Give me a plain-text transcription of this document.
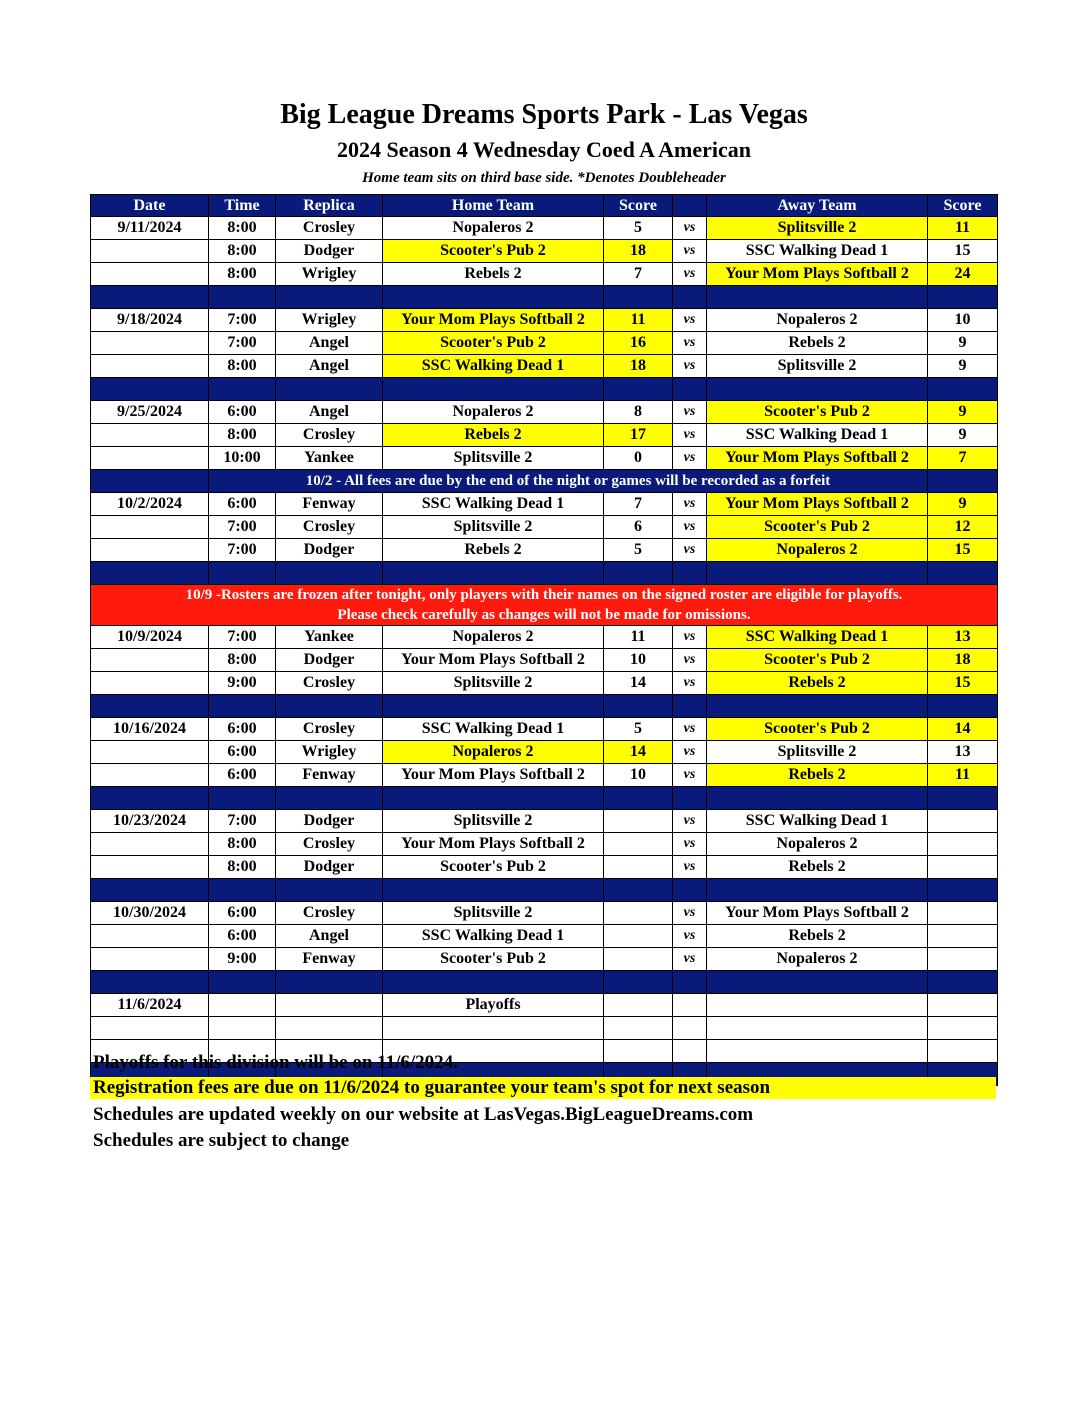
Big League Dreams Sports Park - Las Vegas
2024 Season 4 Wednesday Coed A American
Home team sits on third base side. *Denotes Doubleheader
Date	Time	Replica	Home Team	Score		Away Team	Score
9/11/2024	8:00	Crosley	Nopaleros 2	5	vs	Splitsville 2	11
	8:00	Dodger	Scooter's Pub 2	18	vs	SSC Walking Dead 1	15
	8:00	Wrigley	Rebels 2	7	vs	Your Mom Plays Softball 2	24

9/18/2024	7:00	Wrigley	Your Mom Plays Softball 2	11	vs	Nopaleros 2	10
	7:00	Angel	Scooter's Pub 2	16	vs	Rebels 2	9
	8:00	Angel	SSC Walking Dead 1	18	vs	Splitsville 2	9

9/25/2024	6:00	Angel	Nopaleros 2	8	vs	Scooter's Pub 2	9
	8:00	Crosley	Rebels 2	17	vs	SSC Walking Dead 1	9
	10:00	Yankee	Splitsville 2	0	vs	Your Mom Plays Softball 2	7
	10/2 - All fees are due by the end of the night or games will be recorded as a forfeit						
10/2/2024	6:00	Fenway	SSC Walking Dead 1	7	vs	Your Mom Plays Softball 2	9
	7:00	Crosley	Splitsville 2	6	vs	Scooter's Pub 2	12
	7:00	Dodger	Rebels 2	5	vs	Nopaleros 2	15

10/9 -Rosters are frozen after tonight, only players with their names on the signed roster are eligible for playoffs.
Please check carefully as changes will not be made for omissions.							

10/9/2024	7:00	Yankee	Nopaleros 2	11	vs	SSC Walking Dead 1	13
	8:00	Dodger	Your Mom Plays Softball 2	10	vs	Scooter's Pub 2	18
	9:00	Crosley	Splitsville 2	14	vs	Rebels 2	15

10/16/2024	6:00	Crosley	SSC Walking Dead 1	5	vs	Scooter's Pub 2	14
	6:00	Wrigley	Nopaleros 2	14	vs	Splitsville 2	13
	6:00	Fenway	Your Mom Plays Softball 2	10	vs	Rebels 2	11

10/23/2024	7:00	Dodger	Splitsville 2		vs	SSC Walking Dead 1	
	8:00	Crosley	Your Mom Plays Softball 2		vs	Nopaleros 2	
	8:00	Dodger	Scooter's Pub 2		vs	Rebels 2	

10/30/2024	6:00	Crosley	Splitsville 2		vs	Your Mom Plays Softball 2	
	6:00	Angel	SSC Walking Dead 1		vs	Rebels 2	
	9:00	Fenway	Scooter's Pub 2		vs	Nopaleros 2	

11/6/2024			Playoffs				

Playoffs for this division will be on 11/6/2024.
Registration fees are due on 11/6/2024 to guarantee your team's spot for next season
Schedules are updated weekly on our website at LasVegas.BigLeagueDreams.com
Schedules are subject to change
